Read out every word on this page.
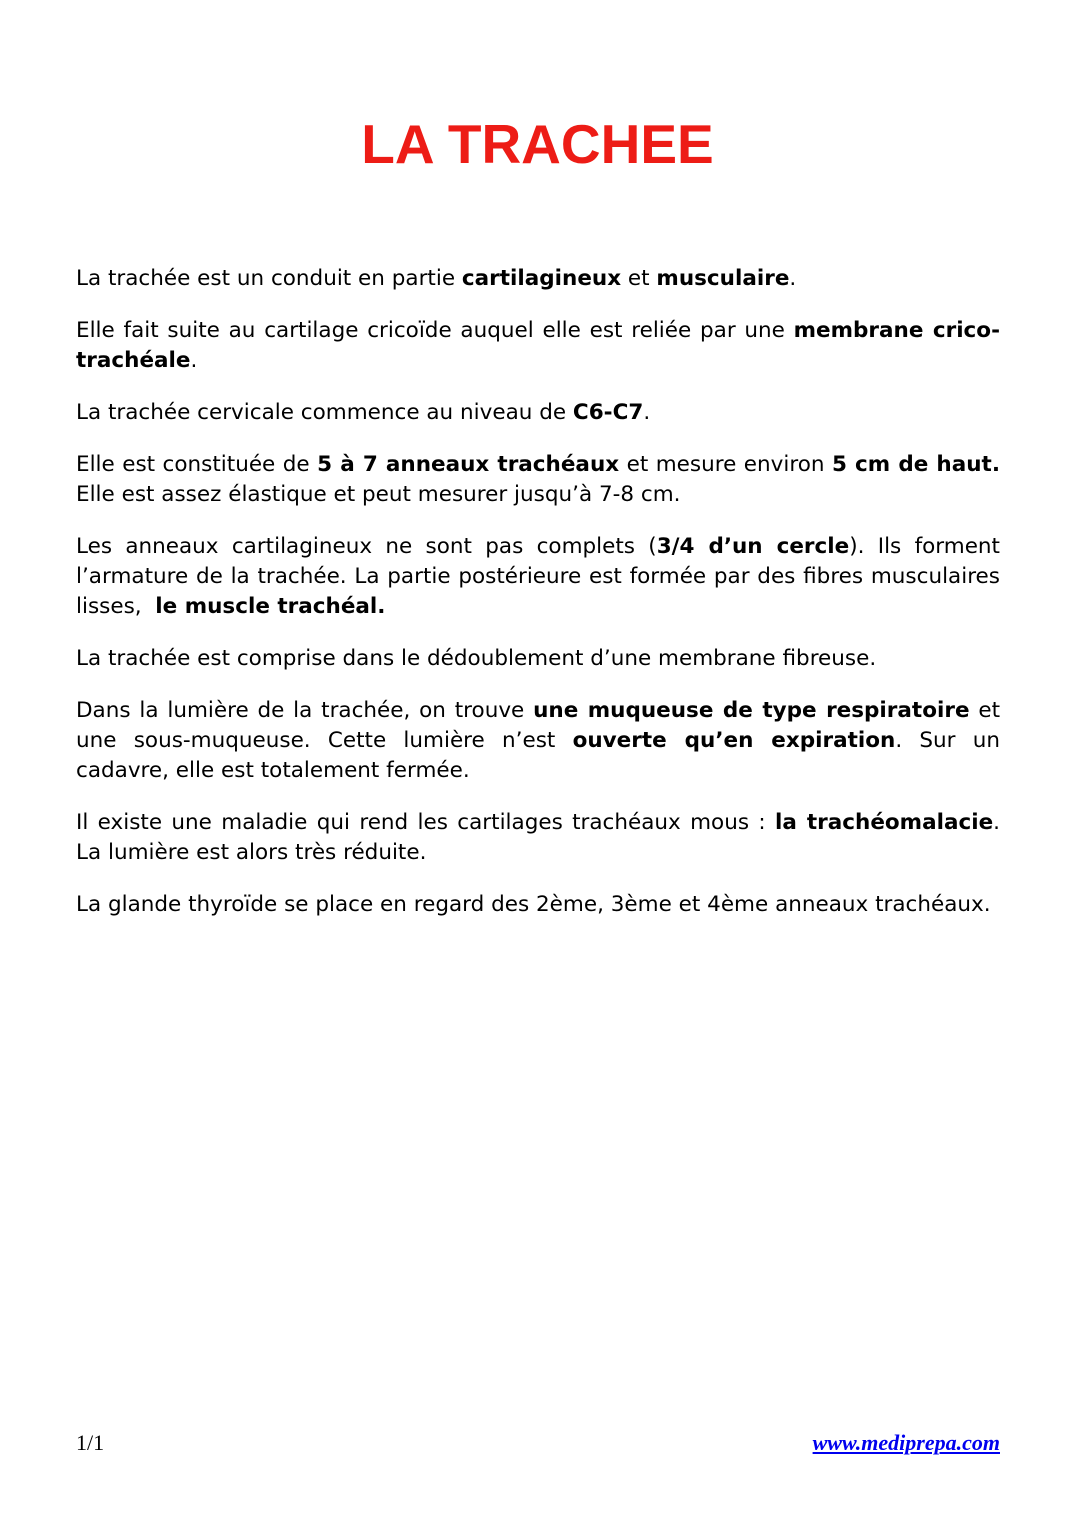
LA TRACHEE

La trachée est un conduit en partie cartilagineux et musculaire.

Elle fait suite au cartilage cricoïde auquel elle est reliée par une membrane crico-trachéale.

La trachée cervicale commence au niveau de C6-C7.

Elle est constituée de 5 à 7 anneaux trachéaux et mesure environ 5 cm de haut. Elle est assez élastique et peut mesurer jusqu’à 7-8 cm.

Les anneaux cartilagineux ne sont pas complets (3/4 d’un cercle). Ils forment l’armature de la trachée. La partie postérieure est formée par des fibres musculaires lisses,  le muscle trachéal.

La trachée est comprise dans le dédoublement d’une membrane fibreuse.

Dans la lumière de la trachée, on trouve une muqueuse de type respiratoire et une sous-muqueuse. Cette lumière n’est ouverte qu’en expiration. Sur un cadavre, elle est totalement fermée.

Il existe une maladie qui rend les cartilages trachéaux mous : la trachéomalacie. La lumière est alors très réduite.

La glande thyroïde se place en regard des 2ème, 3ème et 4ème anneaux trachéaux.

1/1	www.mediprepa.com
